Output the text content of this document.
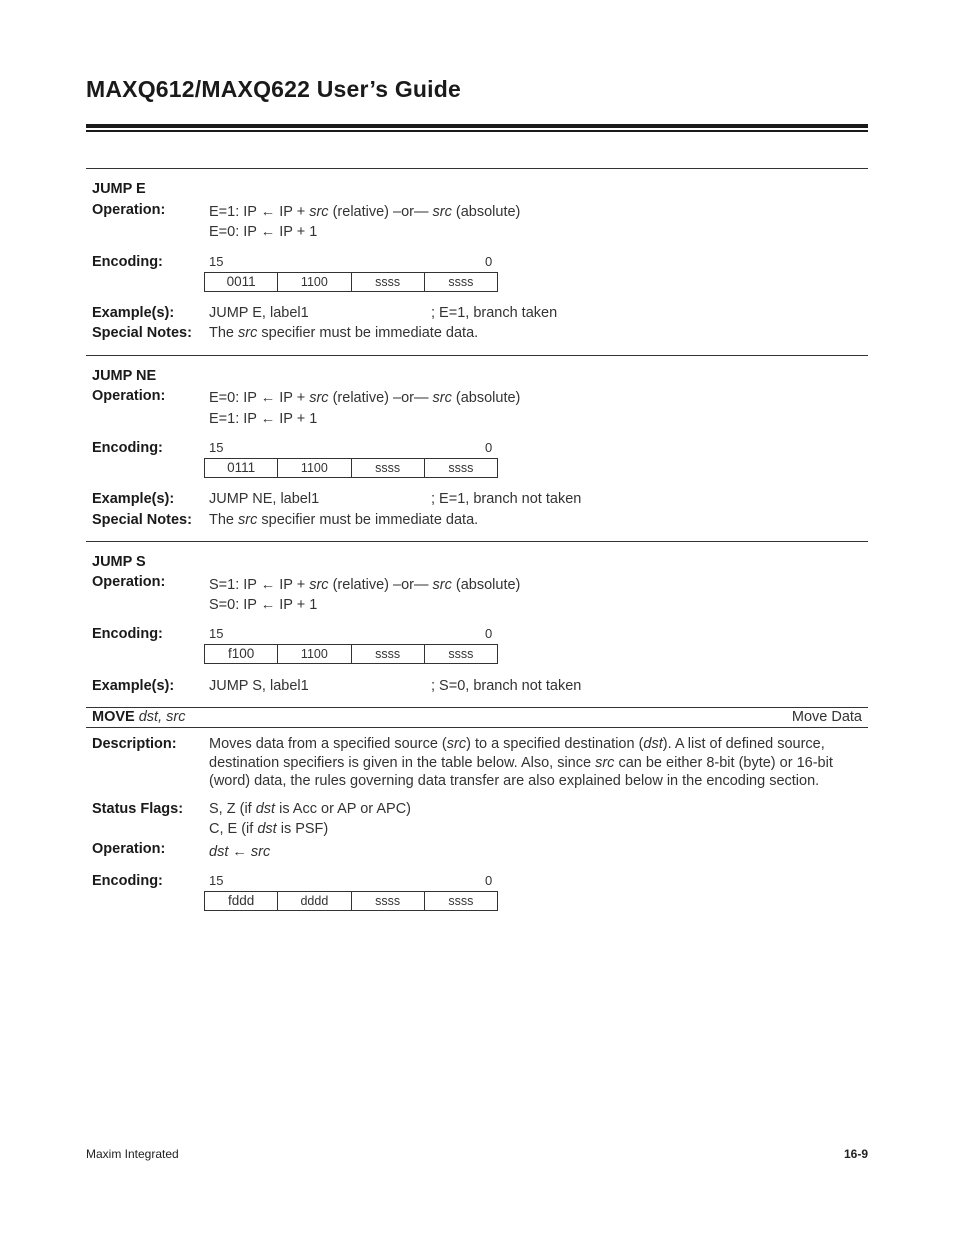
MAXQ612/MAXQ622 User’s Guide
JUMP E
Operation:	E=1: IP ← IP + src (relative) –or— src (absolute)
E=0: IP ← IP + 1
Encoding:	15	0
0011	1100	ssss	ssss
Example(s): JUMP E, label1	; E=1, branch taken
Special Notes: The src specifier must be immediate data.
JUMP NE
Operation:	E=0: IP ← IP + src (relative) –or— src (absolute)
E=1: IP ← IP + 1
Encoding:	15	0
0111	1100	ssss	ssss
Example(s): JUMP NE, label1	; E=1, branch not taken
Special Notes: The src specifier must be immediate data.
JUMP S
Operation:	S=1: IP ← IP + src (relative) –or— src (absolute)
S=0: IP ← IP + 1
Encoding:	15	0
f100	1100	ssss	ssss
Example(s): JUMP S, label1	; S=0, branch not taken
MOVE dst, src	Move Data
Description: Moves data from a specified source (src) to a specified destination (dst). A list of defined source, destination specifiers is given in the table below. Also, since src can be either 8-bit (byte) or 16-bit (word) data, the rules governing data transfer are also explained below in the encoding section.
Status Flags: S, Z (if dst is Acc or AP or APC)
C, E (if dst is PSF)
Operation:	dst ← src
Encoding:	15	0
fddd	dddd	ssss	ssss
Maxim Integrated	16-9
